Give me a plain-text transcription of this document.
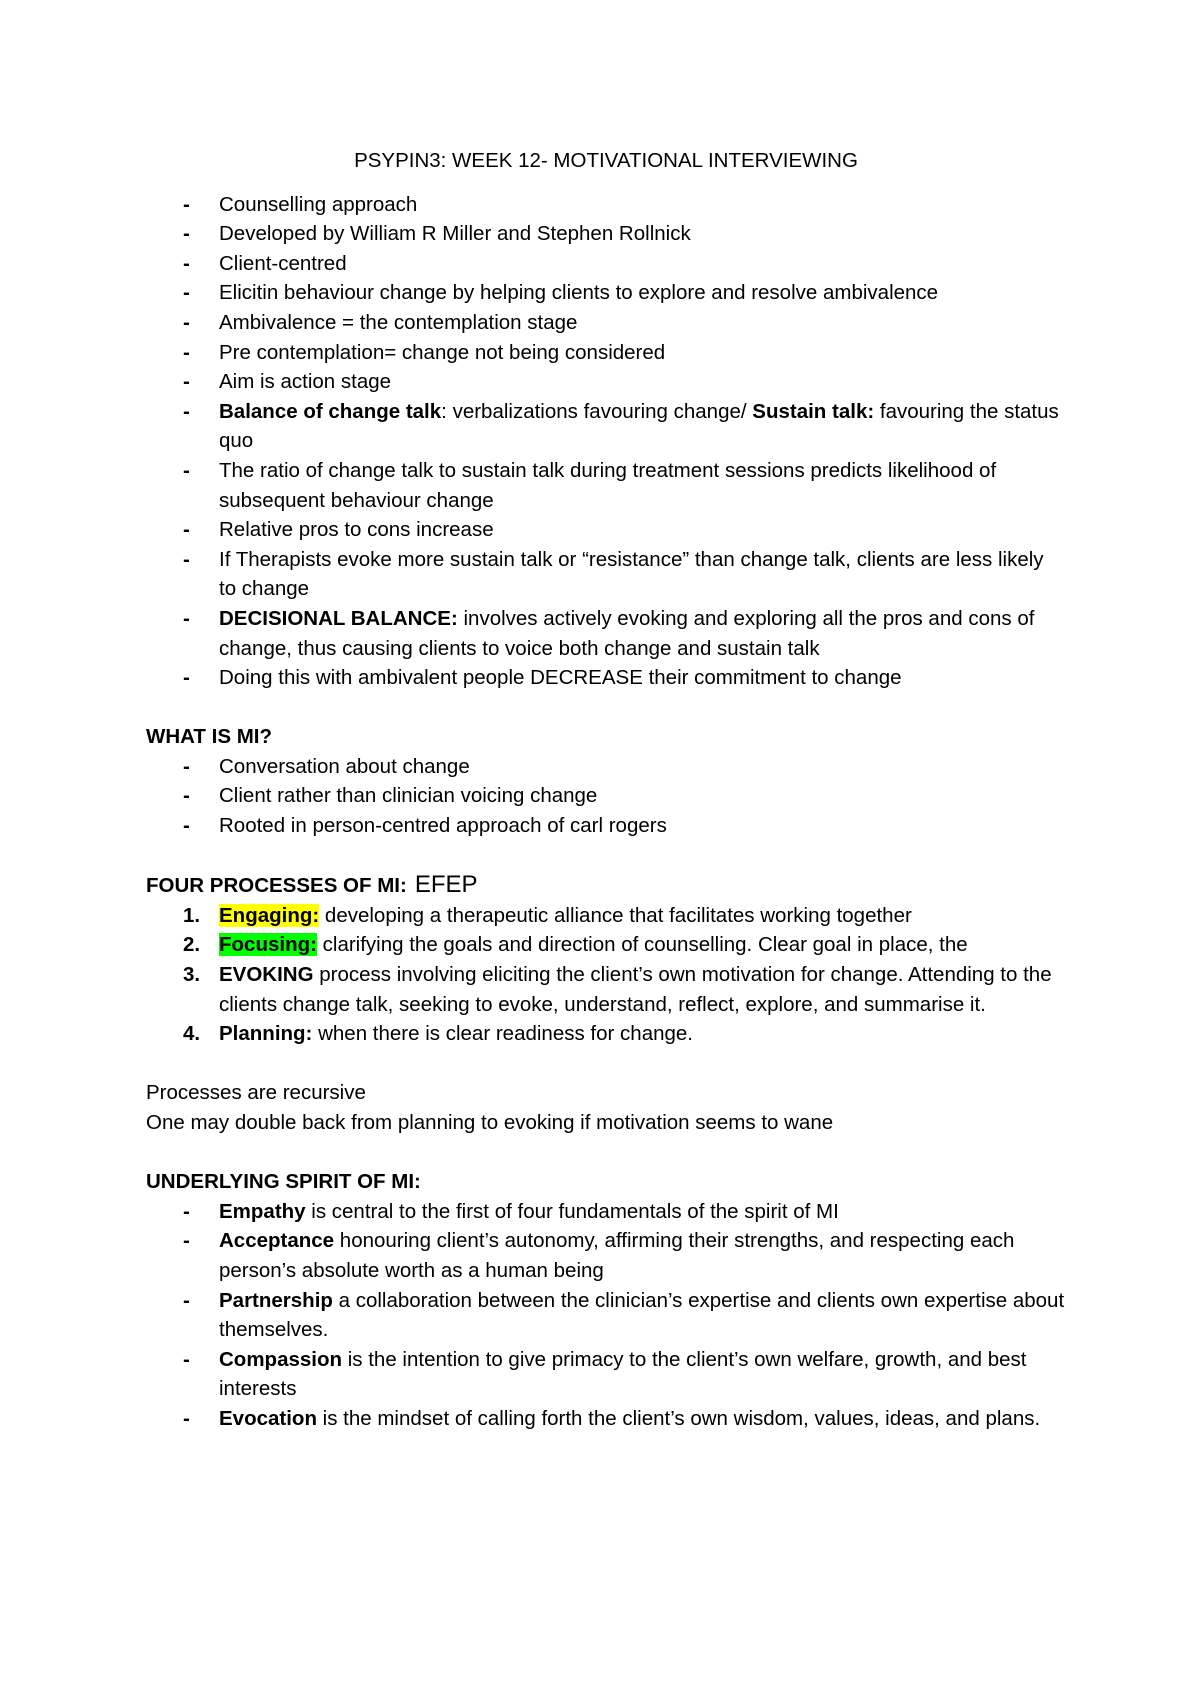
PSYPIN3: WEEK 12- MOTIVATIONAL INTERVIEWING

- Counselling approach
- Developed by William R Miller and Stephen Rollnick
- Client-centred
- Elicitin behaviour change by helping clients to explore and resolve ambivalence
- Ambivalence = the contemplation stage
- Pre contemplation= change not being considered
- Aim is action stage
- Balance of change talk: verbalizations favouring change/ Sustain talk: favouring the status quo
- The ratio of change talk to sustain talk during treatment sessions predicts likelihood of subsequent behaviour change
- Relative pros to cons increase
- If Therapists evoke more sustain talk or “resistance” than change talk, clients are less likely to change
- DECISIONAL BALANCE: involves actively evoking and exploring all the pros and cons of change, thus causing clients to voice both change and sustain talk
- Doing this with ambivalent people DECREASE their commitment to change

WHAT IS MI?

- Conversation about change
- Client rather than clinician voicing change
- Rooted in person-centred approach of carl rogers

FOUR PROCESSES OF MI: EFEP

1. Engaging: developing a therapeutic alliance that facilitates working together
2. Focusing: clarifying the goals and direction of counselling. Clear goal in place, the
3. EVOKING process involving eliciting the client’s own motivation for change. Attending to the clients change talk, seeking to evoke, understand, reflect, explore, and summarise it.
4. Planning: when there is clear readiness for change.

Processes are recursive

One may double back from planning to evoking if motivation seems to wane

UNDERLYING SPIRIT OF MI:

- Empathy is central to the first of four fundamentals of the spirit of MI
- Acceptance honouring client’s autonomy, affirming their strengths, and respecting each person’s absolute worth as a human being
- Partnership a collaboration between the clinician’s expertise and clients own expertise about themselves.
- Compassion is the intention to give primacy to the client’s own welfare, growth, and best interests
- Evocation is the mindset of calling forth the client’s own wisdom, values, ideas, and plans.
